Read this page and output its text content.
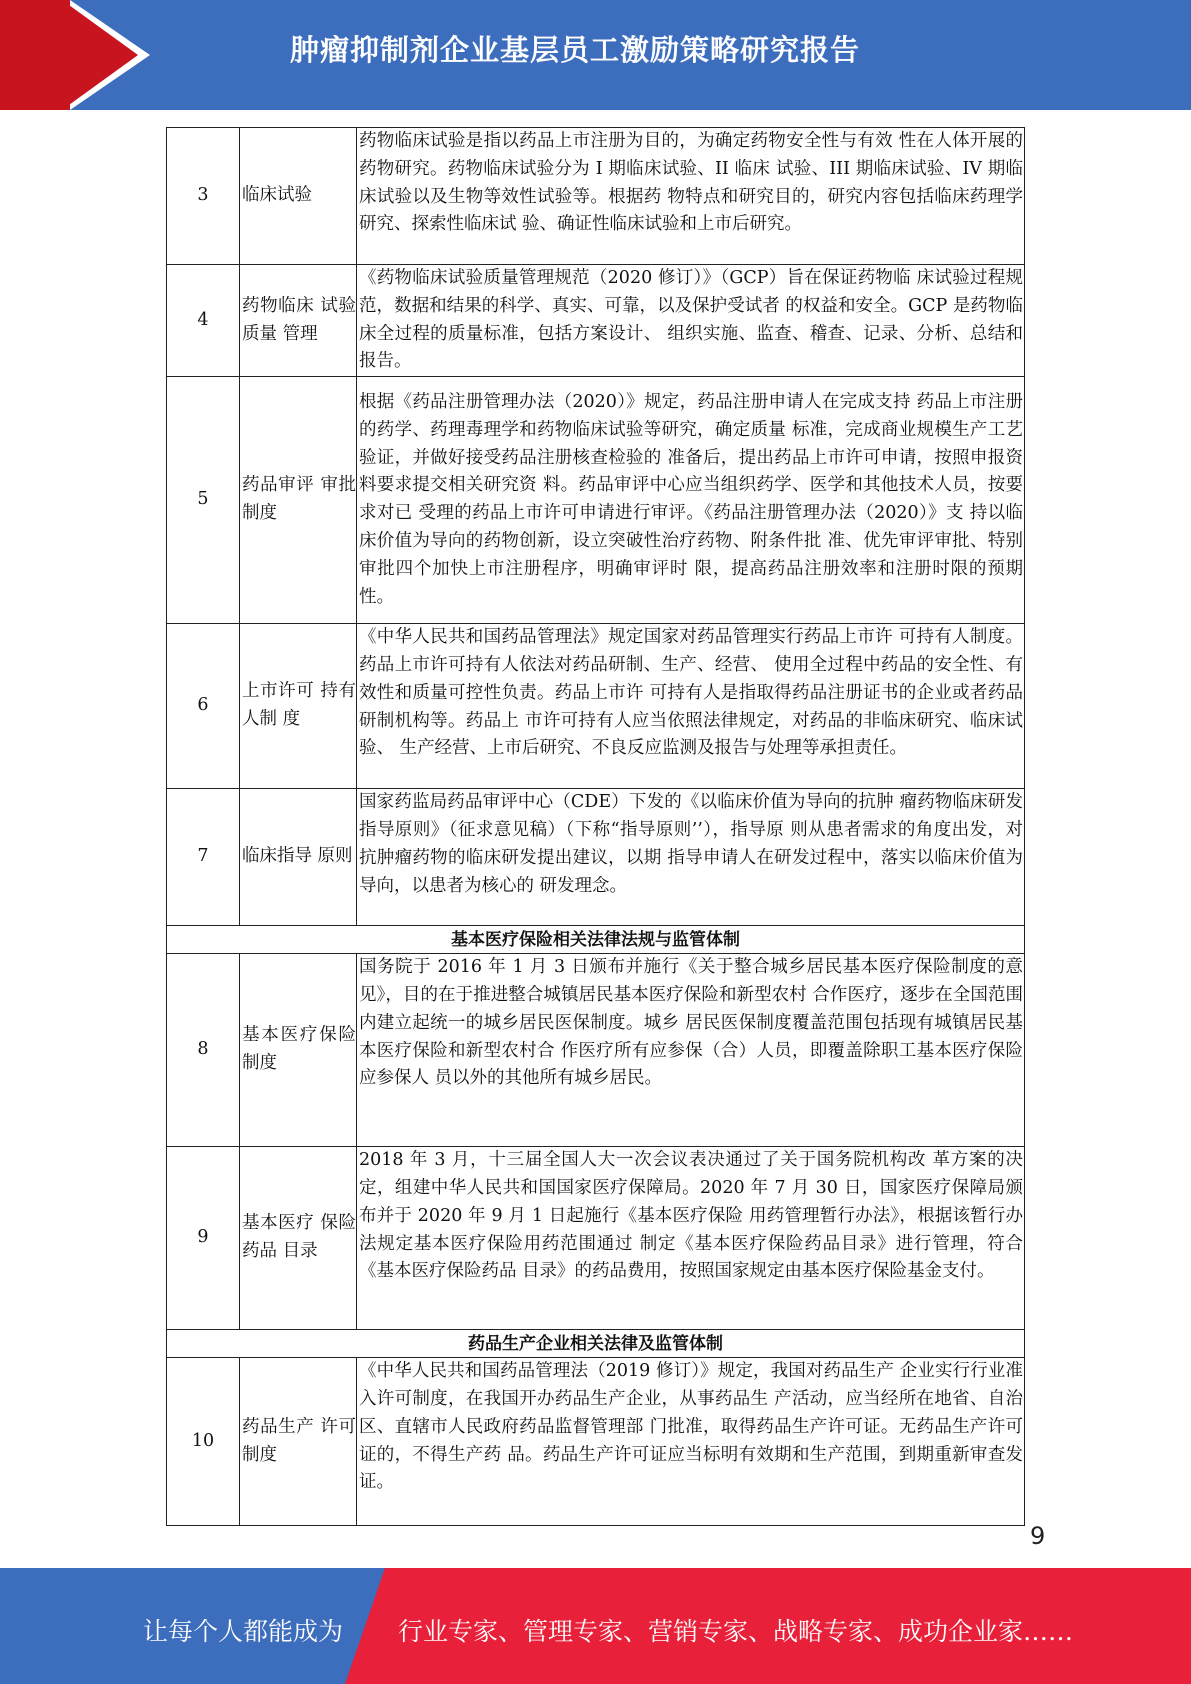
肿瘤抑制剂企业基层员工激励策略研究报告
3	临床试验	药物临床试验是指以药品上市注册为目的，为确定药物安全性与有效 性在人体开展的药物研究。药物临床试验分为 I 期临床试验、II 临床 试验、III 期临床试验、IV 期临床试验以及生物等效性试验等。根据药 物特点和研究目的，研究内容包括临床药理学研究、探索性临床试 验、确证性临床试验和上市后研究。
4	药物临床 试验质量 管理	《药物临床试验质量管理规范（2020 修订）》（GCP）旨在保证药物临 床试验过程规范，数据和结果的科学、真实、可靠，以及保护受试者 的权益和安全。GCP 是药物临床全过程的质量标准，包括方案设计、 组织实施、监查、稽查、记录、分析、总结和报告。
5	药品审评 审批制度	根据《药品注册管理办法（2020）》规定，药品注册申请人在完成支持 药品上市注册的药学、药理毒理学和药物临床试验等研究，确定质量 标准，完成商业规模生产工艺验证，并做好接受药品注册核查检验的 准备后，提出药品上市许可申请，按照申报资料要求提交相关研究资 料。药品审评中心应当组织药学、医学和其他技术人员，按要求对已 受理的药品上市许可申请进行审评。《药品注册管理办法（2020）》支 持以临床价值为导向的药物创新，设立突破性治疗药物、附条件批 准、优先审评审批、特别审批四个加快上市注册程序，明确审评时 限，提高药品注册效率和注册时限的预期性。
6	上市许可 持有人制 度	《中华人民共和国药品管理法》规定国家对药品管理实行药品上市许 可持有人制度。药品上市许可持有人依法对药品研制、生产、经营、 使用全过程中药品的安全性、有效性和质量可控性负责。药品上市许 可持有人是指取得药品注册证书的企业或者药品研制机构等。药品上 市许可持有人应当依照法律规定，对药品的非临床研究、临床试验、 生产经营、上市后研究、不良反应监测及报告与处理等承担责任。
7	临床指导 原则	国家药监局药品审评中心（CDE）下发的《以临床价值为导向的抗肿 瘤药物临床研发指导原则》（征求意见稿）（下称“指导原则’’），指导原 则从患者需求的角度出发，对抗肿瘤药物的临床研发提出建议，以期 指导申请人在研发过程中，落实以临床价值为导向，以患者为核心的 研发理念。
基本医疗保险相关法律法规与监管体制		
8	基本医疗保险制度	国务院于 2016 年 1 月 3 日颁布并施行《关于整合城乡居民基本医疗保险制度的意见》，目的在于推进整合城镇居民基本医疗保险和新型农村 合作医疗，逐步在全国范围内建立起统一的城乡居民医保制度。城乡 居民医保制度覆盖范围包括现有城镇居民基本医疗保险和新型农村合 作医疗所有应参保（合）人员，即覆盖除职工基本医疗保险应参保人 员以外的其他所有城乡居民。
9	基本医疗 保险药品 目录	2018 年 3 月，十三届全国人大一次会议表决通过了关于国务院机构改 革方案的决定，组建中华人民共和国国家医疗保障局。2020 年 7 月 30 日，国家医疗保障局颁布并于 2020 年 9 月 1 日起施行《基本医疗保险 用药管理暂行办法》，根据该暂行办法规定基本医疗保险用药范围通过 制定《基本医疗保险药品目录》进行管理，符合《基本医疗保险药品 目录》的药品费用，按照国家规定由基本医疗保险基金支付。
药品生产企业相关法律及监管体制		
10	药品生产 许可制度	《中华人民共和国药品管理法（2019 修订）》规定，我国对药品生产 企业实行行业准入许可制度，在我国开办药品生产企业，从事药品生 产活动，应当经所在地省、自治区、直辖市人民政府药品监督管理部 门批准，取得药品生产许可证。无药品生产许可证的，不得生产药 品。药品生产许可证应当标明有效期和生产范围，到期重新审查发 证。
9
让每个人都能成为 行业专家、管理专家、营销专家、战略专家、成功企业家……
